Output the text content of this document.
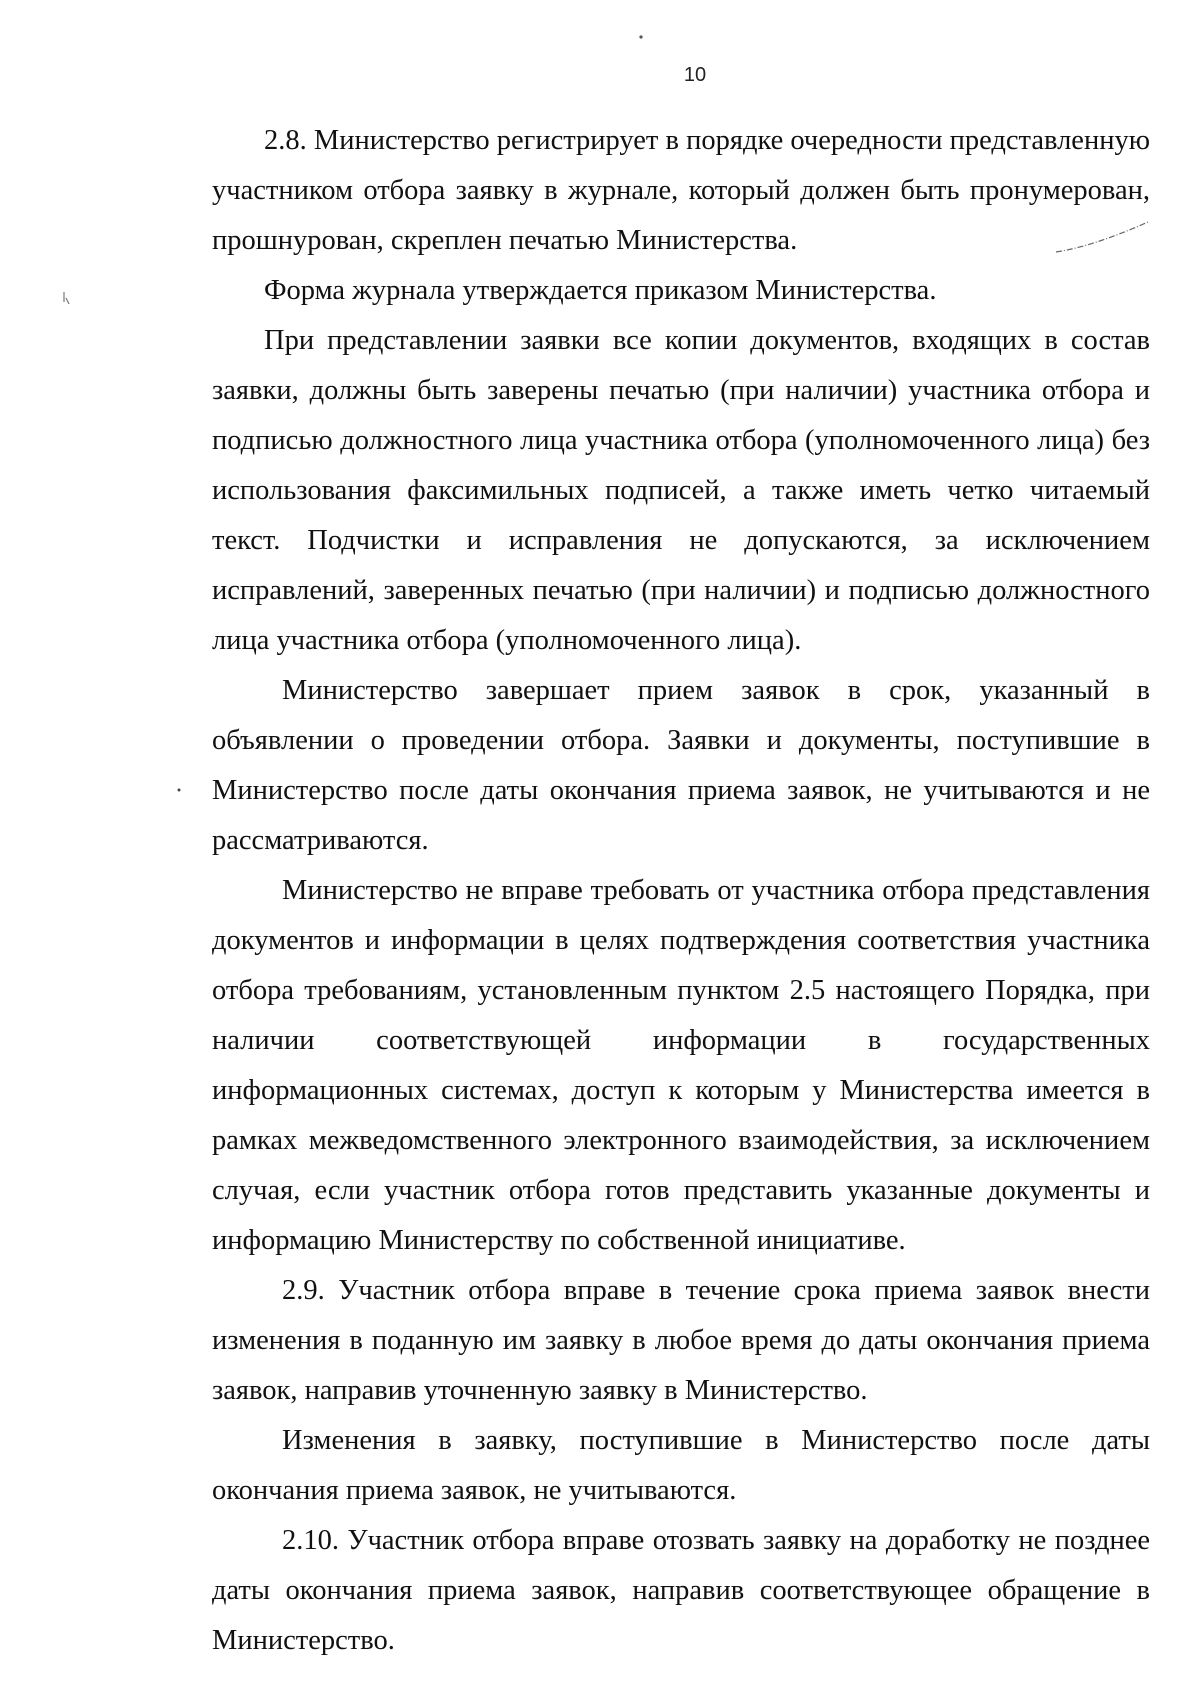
10

2.8. Министерство регистрирует в порядке очередности представленную участником отбора заявку в журнале, который должен быть пронумерован, прошнурован, скреплен печатью Министерства.

Форма журнала утверждается приказом Министерства.

При представлении заявки все копии документов, входящих в состав заявки, должны быть заверены печатью (при наличии) участника отбора и подписью должностного лица участника отбора (уполномоченного лица) без использования факсимильных подписей, а также иметь четко читаемый текст. Подчистки и исправления не допускаются, за исключением исправлений, заверенных печатью (при наличии) и подписью должностного лица участника отбора (уполномоченного лица).

Министерство завершает прием заявок в срок, указанный в объявлении о проведении отбора. Заявки и документы, поступившие в Министерство после даты окончания приема заявок, не учитываются и не рассматриваются.

Министерство не вправе требовать от участника отбора представления документов и информации в целях подтверждения соответствия участника отбора требованиям, установленным пунктом 2.5 настоящего Порядка, при наличии соответствующей информации в государственных информационных системах, доступ к которым у Министерства имеется в рамках межведомственного электронного взаимодействия, за исключением случая, если участник отбора готов представить указанные документы и информацию Министерству по собственной инициативе.

2.9. Участник отбора вправе в течение срока приема заявок внести изменения в поданную им заявку в любое время до даты окончания приема заявок, направив уточненную заявку в Министерство.

Изменения в заявку, поступившие в Министерство после даты окончания приема заявок, не учитываются.

2.10. Участник отбора вправе отозвать заявку на доработку не позднее даты окончания приема заявок, направив соответствующее обращение в Министерство.
